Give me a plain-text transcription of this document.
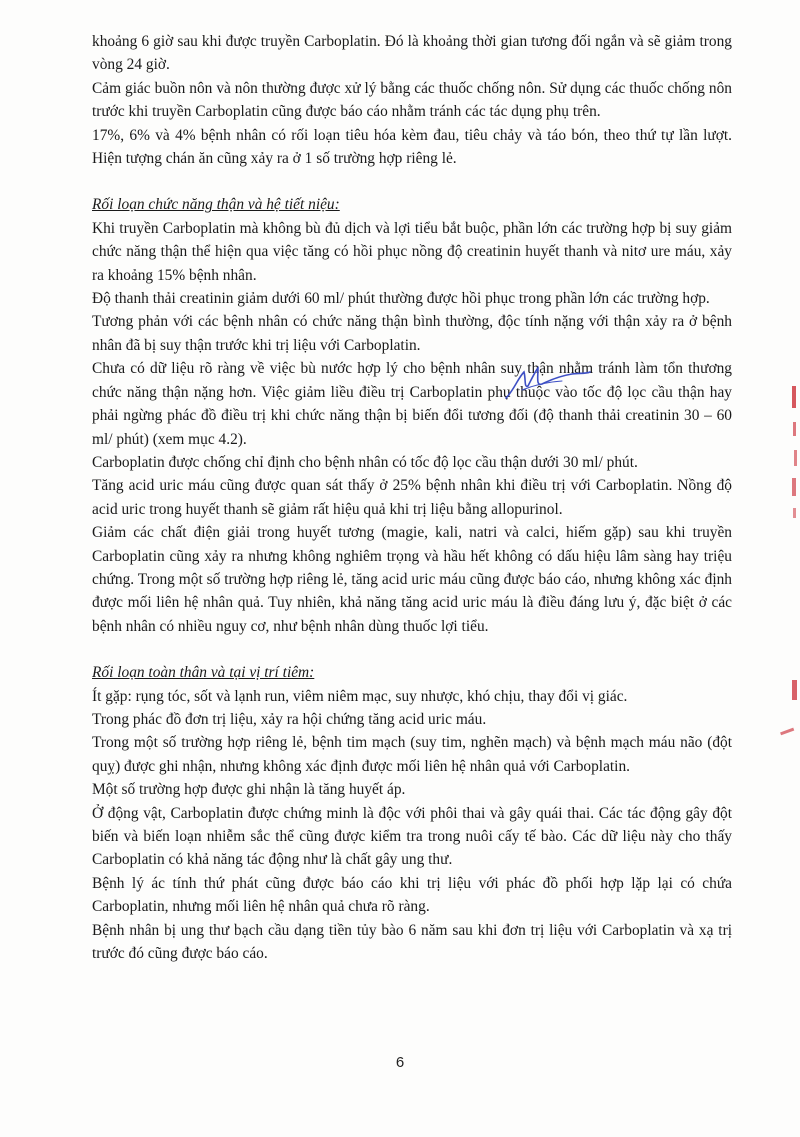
khoảng 6 giờ sau khi được truyền Carboplatin. Đó là khoảng thời gian tương đối ngắn và sẽ giảm trong vòng 24 giờ.

Cảm giác buồn nôn và nôn thường được xử lý bằng các thuốc chống nôn. Sử dụng các thuốc chống nôn trước khi truyền Carboplatin cũng được báo cáo nhằm tránh các tác dụng phụ trên.

17%, 6% và 4% bệnh nhân có rối loạn tiêu hóa kèm đau, tiêu chảy và táo bón, theo thứ tự lần lượt. Hiện tượng chán ăn cũng xảy ra ở 1 số trường hợp riêng lẻ.

Rối loạn chức năng thận và hệ tiết niệu:

Khi truyền Carboplatin mà không bù đủ dịch và lợi tiểu bắt buộc, phần lớn các trường hợp bị suy giảm chức năng thận thể hiện qua việc tăng có hồi phục nồng độ creatinin huyết thanh và nitơ ure máu, xảy ra khoảng 15% bệnh nhân.

Độ thanh thải creatinin giảm dưới 60 ml/ phút thường được hồi phục trong phần lớn các trường hợp.

Tương phản với các bệnh nhân có chức năng thận bình thường, độc tính nặng với thận xảy ra ở bệnh nhân đã bị suy thận trước khi trị liệu với Carboplatin.

Chưa có dữ liệu rõ ràng về việc bù nước hợp lý cho bệnh nhân suy thận nhằm tránh làm tổn thương chức năng thận nặng hơn. Việc giảm liều điều trị Carboplatin phụ thuộc vào tốc độ lọc cầu thận hay phải ngừng phác đồ điều trị khi chức năng thận bị biến đổi tương đối (độ thanh thải creatinin 30 – 60 ml/ phút) (xem mục 4.2).

Carboplatin được chống chỉ định cho bệnh nhân có tốc độ lọc cầu thận dưới 30 ml/ phút.

Tăng acid uric máu cũng được quan sát thấy ở 25% bệnh nhân khi điều trị với Carboplatin. Nồng độ acid uric trong huyết thanh sẽ giảm rất hiệu quả khi trị liệu bằng allopurinol.

Giảm các chất điện giải trong huyết tương (magie, kali, natri và calci, hiếm gặp) sau khi truyền Carboplatin cũng xảy ra nhưng không nghiêm trọng và hầu hết không có dấu hiệu lâm sàng hay triệu chứng. Trong một số trường hợp riêng lẻ, tăng acid uric máu cũng được báo cáo, nhưng không xác định được mối liên hệ nhân quả. Tuy nhiên, khả năng tăng acid uric máu là điều đáng lưu ý, đặc biệt ở các bệnh nhân có nhiều nguy cơ, như bệnh nhân dùng thuốc lợi tiểu.

Rối loạn toàn thân và tại vị trí tiêm:

Ít gặp: rụng tóc, sốt và lạnh run, viêm niêm mạc, suy nhược, khó chịu, thay đổi vị giác.

Trong phác đồ đơn trị liệu, xảy ra hội chứng tăng acid uric máu.

Trong một số trường hợp riêng lẻ, bệnh tim mạch (suy tim, nghẽn mạch) và bệnh mạch máu não (đột quỵ) được ghi nhận, nhưng không xác định được mối liên hệ nhân quả với Carboplatin.

Một số trường hợp được ghi nhận là tăng huyết áp.

Ở động vật, Carboplatin được chứng minh là độc với phôi thai và gây quái thai. Các tác động gây đột biến và biến loạn nhiễm sắc thể cũng được kiểm tra trong nuôi cấy tế bào. Các dữ liệu này cho thấy Carboplatin có khả năng tác động như là chất gây ung thư.

Bệnh lý ác tính thứ phát cũng được báo cáo khi trị liệu với phác đồ phối hợp lặp lại có chứa Carboplatin, nhưng mối liên hệ nhân quả chưa rõ ràng.

Bệnh nhân bị ung thư bạch cầu dạng tiền tủy bào 6 năm sau khi đơn trị liệu với Carboplatin và xạ trị trước đó cũng được báo cáo.

6
